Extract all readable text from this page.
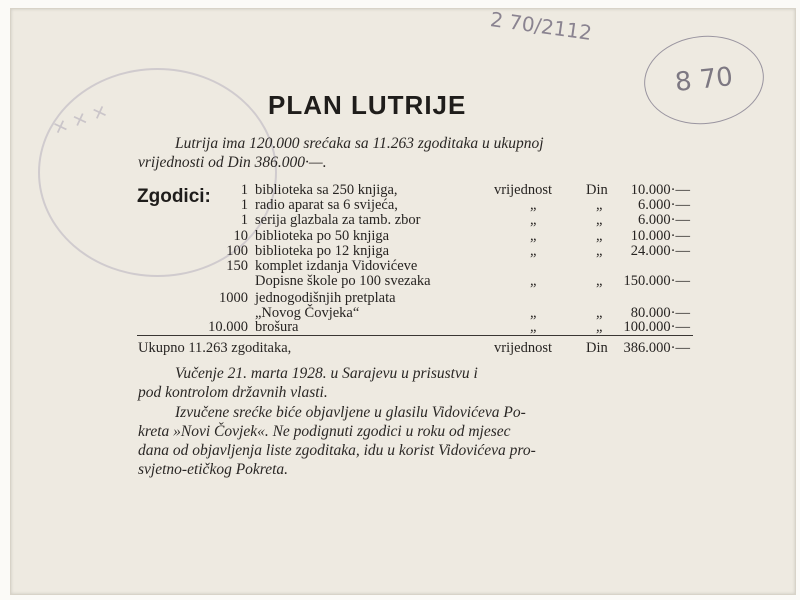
✕ ✕ ✕
2 70/2112
8 70
PLAN LUTRIJE
Lutrija ima 120.000 srećaka sa 11.263 zgoditaka u ukupnoj
vrijednosti od Din 386.000·—.
Zgodici:	1 biblioteka sa 250 knjiga,	vrijednost Din	10.000·—
1 radio aparat sa 6 svijeća,	„	„	6.000·—
1 serija glazbala za tamb. zbor	„	„	6.000·—
10 biblioteka po 50 knjiga	„	„	10.000·—
100 biblioteka po 12 knjiga	„	„	24.000·—
150 komplet izdanja Vidovićeve
Dopisne škole po 100 svezaka	„	„	150.000·—
1000 jednogodišnjih pretplata
„Novog Čovjeka“	„	„	80.000·—
10.000 brošura	„	„	100.000·—
Ukupno 11.263 zgoditaka,	vrijednost Din	386.000·—
Vučenje 21. marta 1928. u Sarajevu u prisustvu i
pod kontrolom državnih vlasti.
Izvučene srećke biće objavljene u glasilu Vidovićeva Po-
kreta »Novi Čovjek«. Ne podignuti zgodici u roku od mjesec
dana od objavljenja liste zgoditaka, idu u korist Vidovićeva pro-
svjetno-etičkog Pokreta.
